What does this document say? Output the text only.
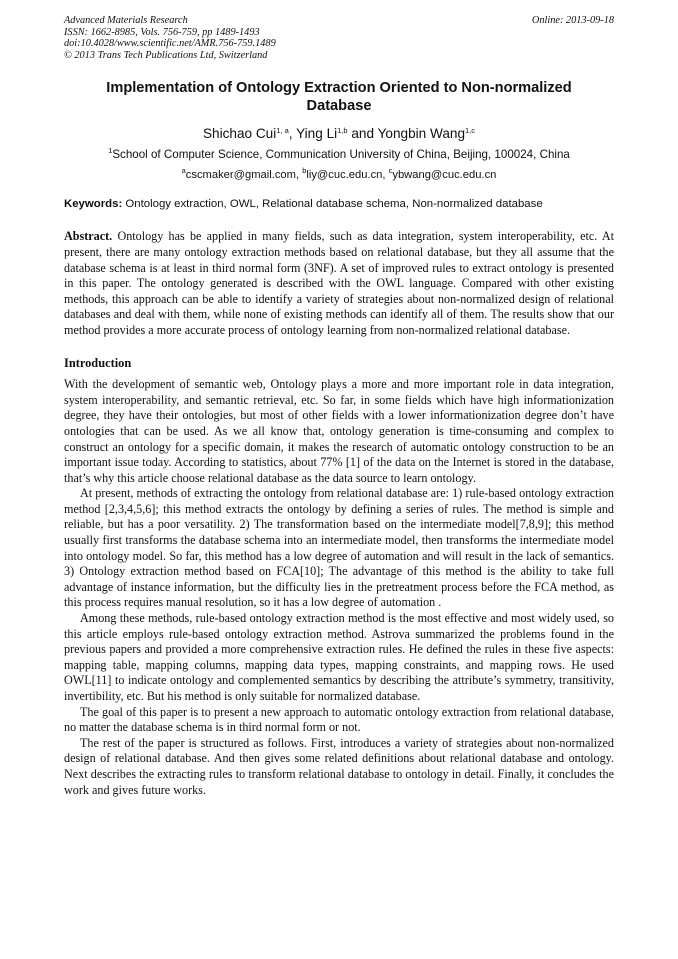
Advanced Materials Research
ISSN: 1662-8985, Vols. 756-759, pp 1489-1493
doi:10.4028/www.scientific.net/AMR.756-759.1489
© 2013 Trans Tech Publications Ltd, Switzerland
Online: 2013-09-18
Implementation of Ontology Extraction Oriented to Non-normalized Database
Shichao Cui$^{1, a}$, Ying Li$^{1,b}$ and Yongbin Wang$^{1,c}$
$^1$School of Computer Science, Communication University of China, Beijing, 100024, China
$^a$cscmaker@gmail.com, $^b$liy@cuc.edu.cn, $^c$ybwang@cuc.edu.cn
Keywords: Ontology extraction, OWL, Relational database schema, Non-normalized database
Abstract. Ontology has be applied in many fields, such as data integration, system interoperability, etc. At present, there are many ontology extraction methods based on relational database, but they all assume that the database schema is at least in third normal form (3NF). A set of improved rules to extract ontology is presented in this paper. The ontology generated is described with the OWL language. Compared with other existing methods, this approach can be able to identify a variety of strategies about non-normalized design of relational databases and deal with them, while none of existing methods can identify all of them. The results show that our method provides a more accurate process of ontology learning from non-normalized relational database.
Introduction

With the development of semantic web, Ontology plays a more and more important role in data integration, system interoperability, and semantic retrieval, etc. So far, in some fields which have high informationization degree, they have their ontologies, but most of other fields with a lower informationization degree don’t have ontologies that can be used. As we all know that, ontology generation is time-consuming and complex to construct an ontology for a specific domain, it makes the research of automatic ontology construction to be an important issue today. According to statistics, about 77% [1] of the data on the Internet is stored in the database, that’s why this article choose relational database as the data source to learn ontology.

At present, methods of extracting the ontology from relational database are: 1) rule-based ontology extraction method [2,3,4,5,6]; this method extracts the ontology by defining a series of rules. The method is simple and reliable, but has a poor versatility. 2) The transformation based on the intermediate model[7,8,9]; this method usually first transforms the database schema into an intermediate model, then transforms the intermediate model into ontology model. So far, this method has a low degree of automation and will result in the lack of semantics. 3) Ontology extraction method based on FCA[10]; The advantage of this method is the ability to take full advantage of instance information, but the difficulty lies in the pretreatment process before the FCA method, as this process requires manual resolution, so it has a low degree of automation .

Among these methods, rule-based ontology extraction method is the most effective and most widely used, so this article employs rule-based ontology extraction method. Astrova summarized the problems found in the previous papers and provided a more comprehensive extraction rules. He defined the rules in these five aspects: mapping table, mapping columns, mapping data types, mapping constraints, and mapping rows. He used OWL[11] to indicate ontology and complemented semantics by describing the attribute’s symmetry, transitivity, invertibility, etc. But his method is only suitable for normalized database.

The goal of this paper is to present a new approach to automatic ontology extraction from relational database, no matter the database schema is in third normal form or not.

The rest of the paper is structured as follows. First, introduces a variety of strategies about non-normalized design of relational database. And then gives some related definitions about relational database and ontology. Next describes the extracting rules to transform relational database to ontology in detail. Finally, it concludes the work and gives future works.
